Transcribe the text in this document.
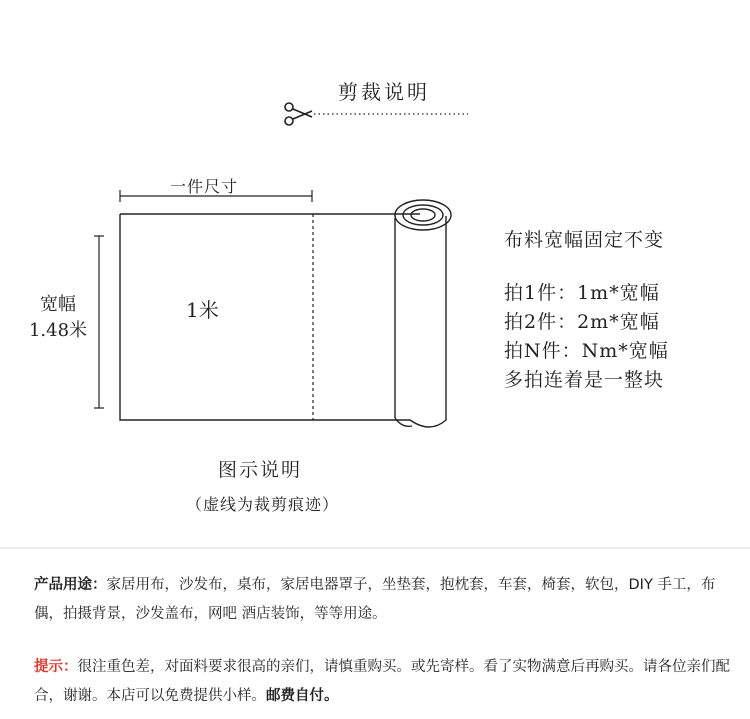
剪裁说明
一件尺寸
宽幅
1.48米
1米
图示说明
（虚线为裁剪痕迹）
布料宽幅固定不变
拍1件：1m*宽幅
拍2件：2m*宽幅
拍N件：Nm*宽幅
多拍连着是一整块
产品用途：家居用布，沙发布，桌布，家居电器罩子，坐垫套，抱枕套，车套，椅套，软包，DIY 手工，布偶，拍摄背景，沙发盖布，网吧 酒店装饰，等等用途。
提示：很注重色差，对面料要求很高的亲们，请慎重购买。或先寄样。看了实物满意后再购买。请各位亲们配合，谢谢。本店可以免费提供小样。邮费自付。
